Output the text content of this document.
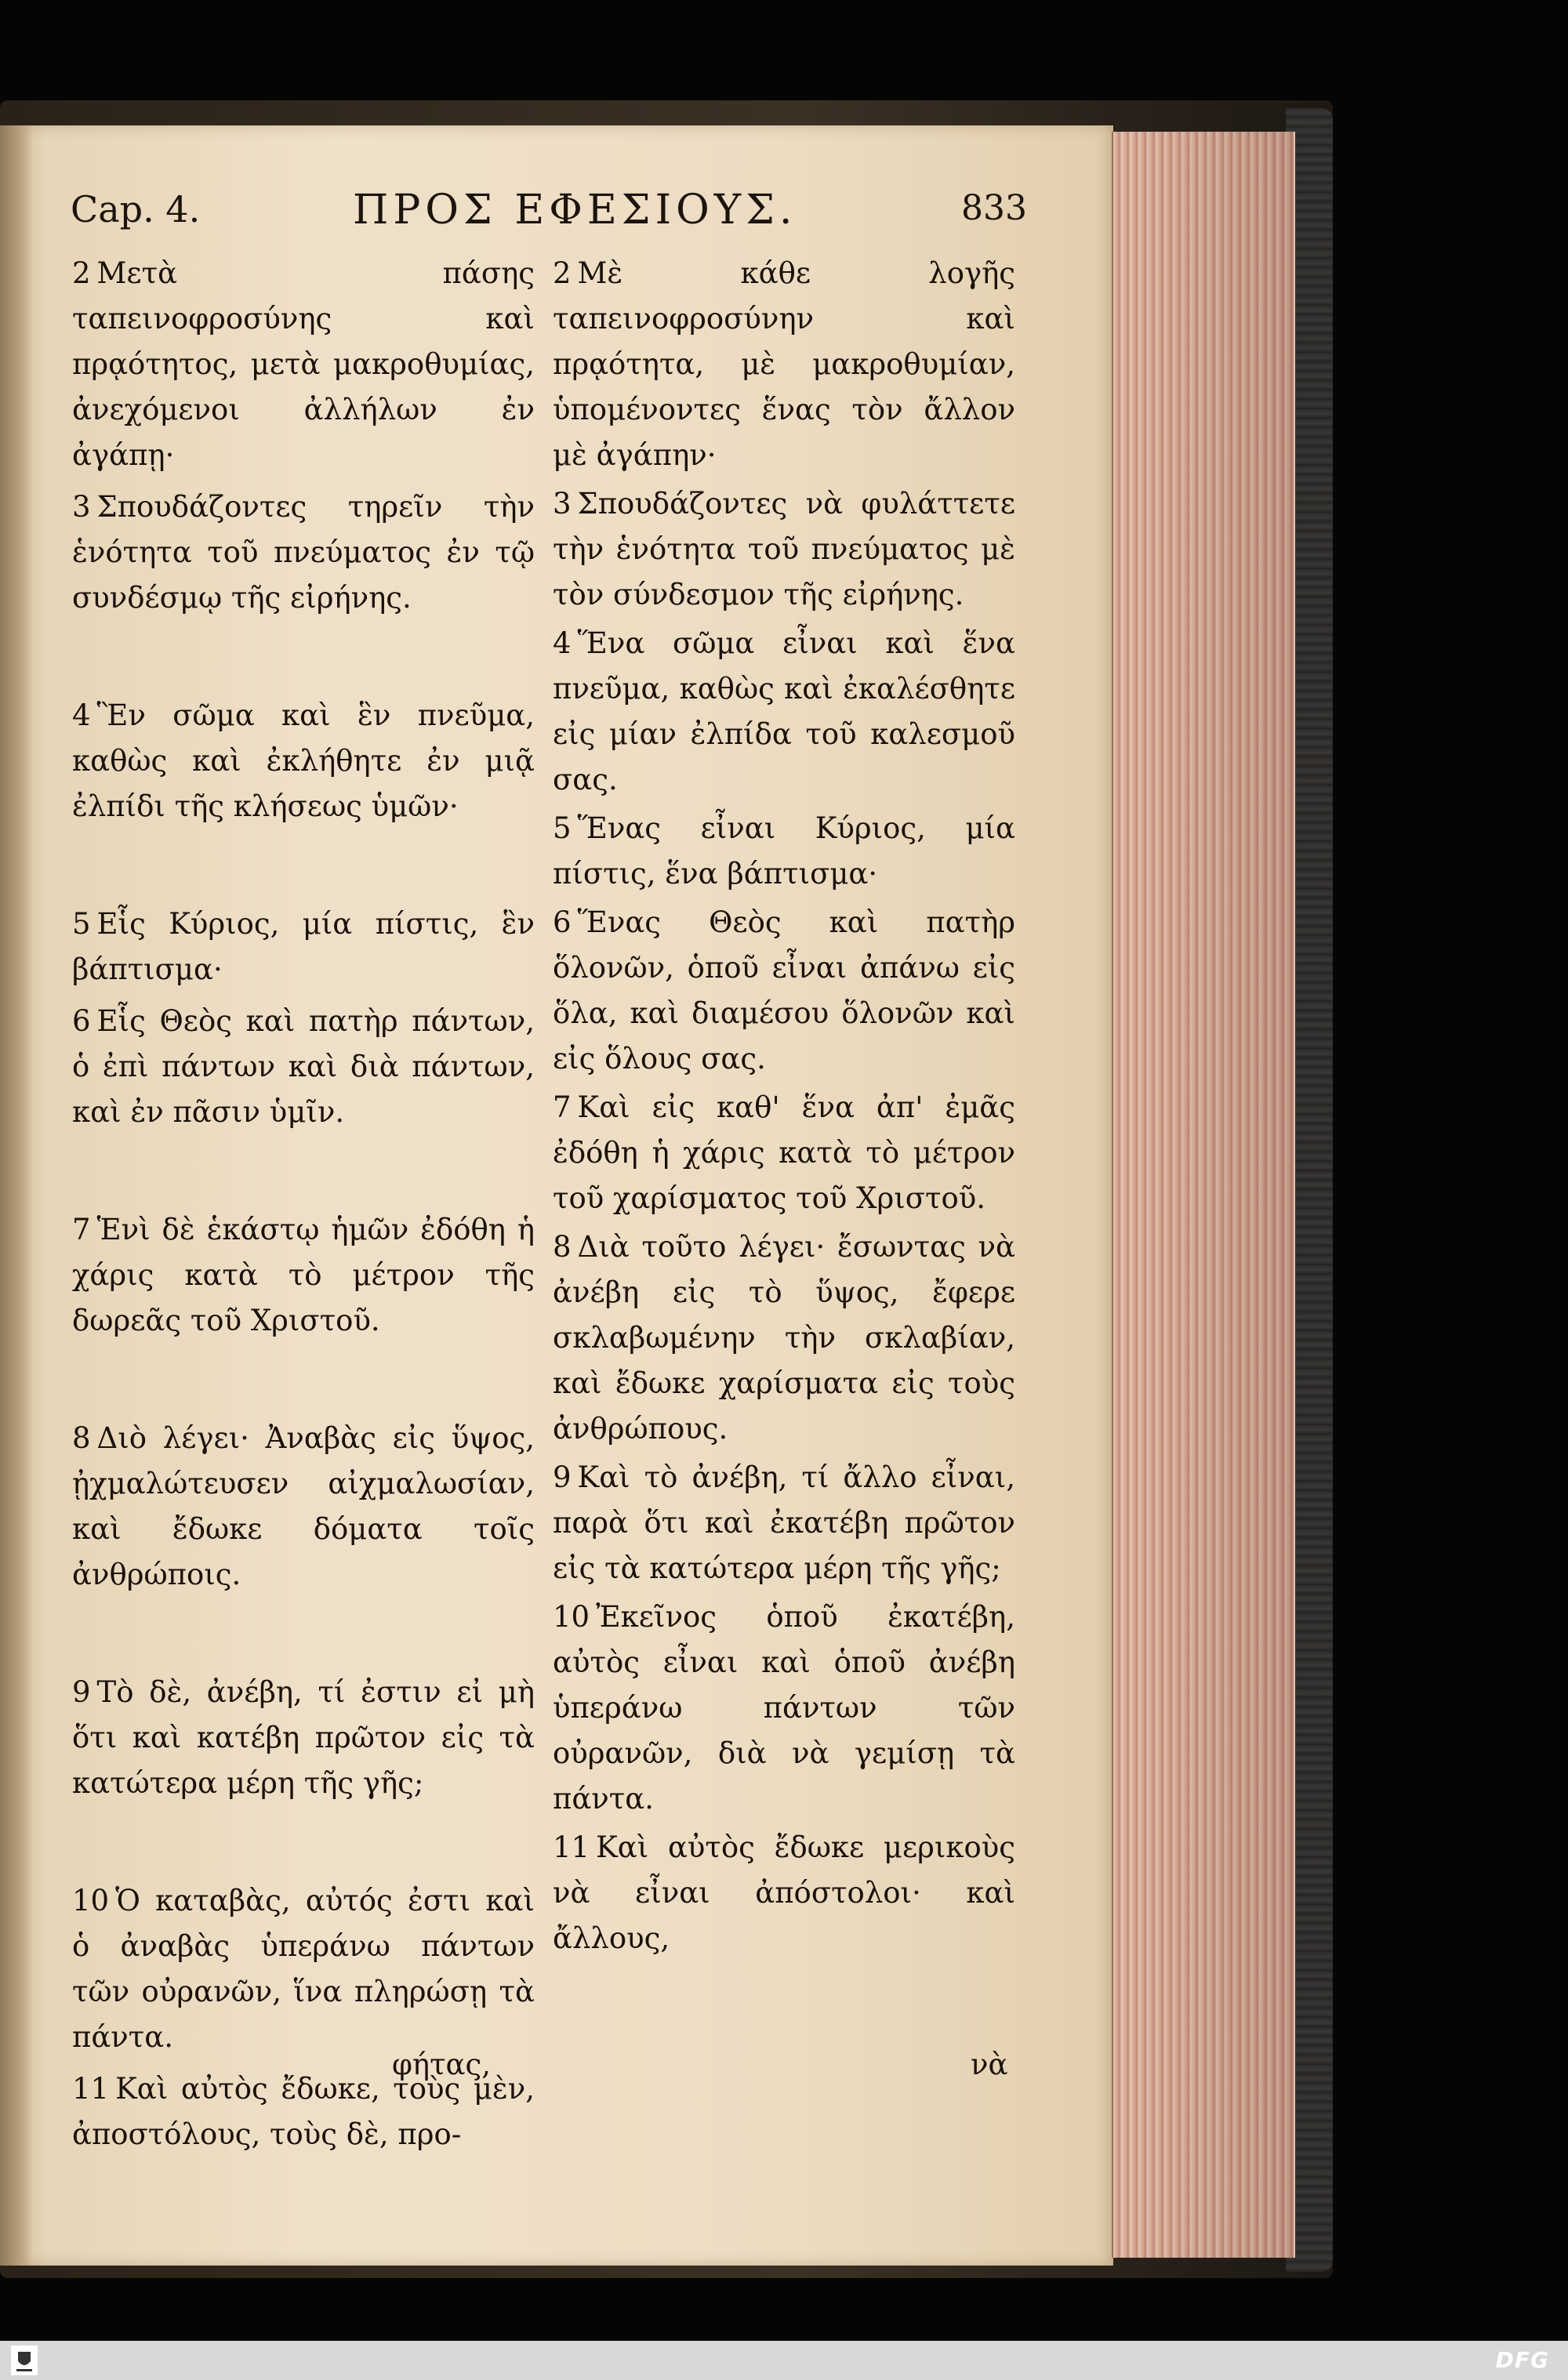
Cap. 4.	ΠΡΟΣ ΕΦΕΣΙΟΥΣ.	833

2 Μετὰ πάσης ταπεινοφροσύνης καὶ πρᾳότητος, μετὰ μακροθυμίας, ἀνεχόμενοι ἀλλήλων ἐν ἀγάπῃ·

3 Σπουδάζοντες τηρεῖν τὴν ἑνότητα τοῦ πνεύματος ἐν τῷ συνδέσμῳ τῆς εἰρήνης.

4 Ἓν σῶμα καὶ ἓν πνεῦμα, καθὼς καὶ ἐκλήθητε ἐν μιᾷ ἐλπίδι τῆς κλήσεως ὑμῶν·

5 Εἷς Κύριος, μία πίστις, ἓν βάπτισμα·

6 Εἷς Θεὸς καὶ πατὴρ πάντων, ὁ ἐπὶ πάντων καὶ διὰ πάντων, καὶ ἐν πᾶσιν ὑμῖν.

7 Ἑνὶ δὲ ἑκάστῳ ἡμῶν ἐδόθη ἡ χάρις κατὰ τὸ μέτρον τῆς δωρεᾶς τοῦ Χριστοῦ.

8 Διὸ λέγει· Ἀναβὰς εἰς ὕψος, ᾐχμαλώτευσεν αἰχμαλωσίαν, καὶ ἔδωκε δόματα τοῖς ἀνθρώποις.

9 Τὸ δὲ, ἀνέβη, τί ἐστιν εἰ μὴ ὅτι καὶ κατέβη πρῶτον εἰς τὰ κατώτερα μέρη τῆς γῆς;

10 Ὁ καταβὰς, αὐτός ἐστι καὶ ὁ ἀναβὰς ὑπεράνω πάντων τῶν οὐρανῶν, ἵνα πληρώσῃ τὰ πάντα.

11 Καὶ αὐτὸς ἔδωκε, τοὺς μὲν, ἀποστόλους, τοὺς δὲ, προ-

φήτας,

2 Μὲ κάθε λογῆς ταπεινοφροσύνην καὶ πρᾳότητα, μὲ μακροθυμίαν, ὑπομένοντες ἕνας τὸν ἄλλον μὲ ἀγάπην·

3 Σπουδάζοντες νὰ φυλάττετε τὴν ἑνότητα τοῦ πνεύματος μὲ τὸν σύνδεσμον τῆς εἰρήνης.

4 Ἕνα σῶμα εἶναι καὶ ἕνα πνεῦμα, καθὼς καὶ ἐκαλέσθητε εἰς μίαν ἐλπίδα τοῦ καλεσμοῦ σας.

5 Ἕνας εἶναι Κύριος, μία πίστις, ἕνα βάπτισμα·

6 Ἕνας Θεὸς καὶ πατὴρ ὅλονῶν, ὁποῦ εἶναι ἀπάνω εἰς ὅλα, καὶ διαμέσου ὅλονῶν καὶ εἰς ὅλους σας.

7 Καὶ εἰς καθ' ἕνα ἀπ' ἐμᾶς ἐδόθη ἡ χάρις κατὰ τὸ μέτρον τοῦ χαρίσματος τοῦ Χριστοῦ.

8 Διὰ τοῦτο λέγει· ἔσωντας νὰ ἀνέβη εἰς τὸ ὕψος, ἔφερε σκλαβωμένην τὴν σκλαβίαν, καὶ ἔδωκε χαρίσματα εἰς τοὺς ἀνθρώπους.

9 Καὶ τὸ ἀνέβη, τί ἄλλο εἶναι, παρὰ ὅτι καὶ ἐκατέβη πρῶτον εἰς τὰ κατώτερα μέρη τῆς γῆς;

10 Ἐκεῖνος ὁποῦ ἐκατέβη, αὐτὸς εἶναι καὶ ὁποῦ ἀνέβη ὑπεράνω πάντων τῶν οὐρανῶν, διὰ νὰ γεμίσῃ τὰ πάντα.

11 Καὶ αὐτὸς ἔδωκε μερικοὺς νὰ εἶναι ἀπόστολοι· καὶ ἄλλους,

νὰ
DFG
